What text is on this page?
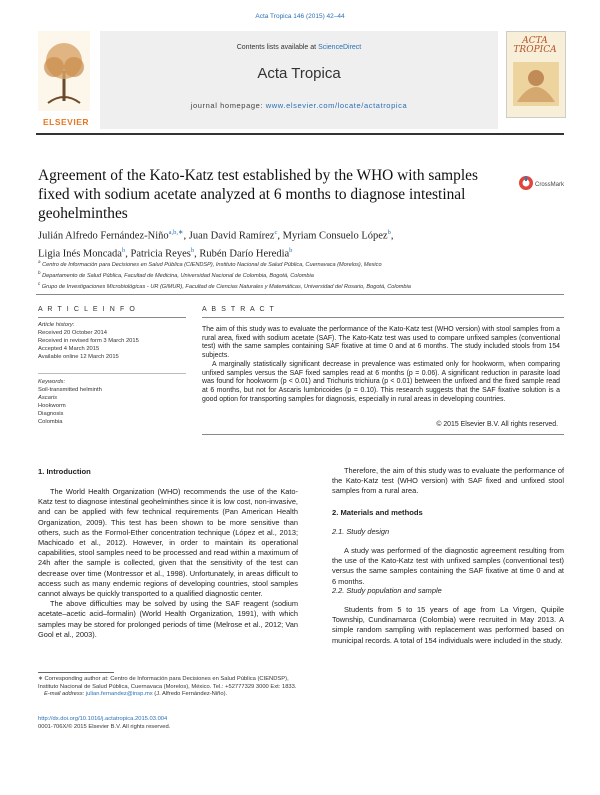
Acta Tropica 146 (2015) 42–44
ELSEVIER
Contents lists available at ScienceDirect
Acta Tropica
journal homepage: www.elsevier.com/locate/actatropica
ACTA TROPICA
Agreement of the Kato-Katz test established by the WHO with samples fixed with sodium acetate analyzed at 6 months to diagnose intestinal geohelminthes
CrossMark
Julián Alfredo Fernández-Niño$^{a,b,∗}$, Juan David Ramírez$^c$, Myriam Consuelo López$^b$,
Ligia Inés Moncada$^b$, Patricia Reyes$^b$, Rubén Darío Heredia$^b$
$^a$ Centro de Información para Decisiones en Salud Pública (CIENDSP), Instituto Nacional de Salud Pública, Cuernavaca (Morelos), Mexico
$^b$ Departamento de Salud Pública, Facultad de Medicina, Universidad Nacional de Colombia, Bogotá, Colombia
$^c$ Grupo de Investigaciones Microbiológicas - UR (GIMUR), Facultad de Ciencias Naturales y Matemáticas, Universidad del Rosario, Bogotá, Colombia
A R T I C L E I N F O
Article history:
Received 20 October 2014
Received in revised form 3 March 2015
Accepted 4 March 2015
Available online 12 March 2015
Keywords:
Soil-transmitted helminth
Ascaris
Hookworm
Diagnosis
Colombia
A B S T R A C T

The aim of this study was to evaluate the performance of the Kato-Katz test (WHO version) with stool samples from a rural area, fixed with sodium acetate (SAF). The Kato-Katz test was used to compare unfixed samples (conventional test) with the same samples containing SAF fixative at time 0 and at 6 months. The study included stools from 154 subjects.

A marginally statistically significant decrease in prevalence was estimated only for hookworm, when comparing unfixed samples versus the SAF fixed samples read at 6 months (p = 0.06). A significant reduction in parasite load was found for hookworm (p < 0.01) and Trichuris trichiura (p < 0.01) between the unfixed and the fixed sample read at 6 months, but not for Ascaris lumbricoides (p = 0.10). This research suggests that the SAF fixative solution is a good option for transporting samples for diagnosis, especially in rural areas in developing countries.

© 2015 Elsevier B.V. All rights reserved.
1. Introduction

The World Health Organization (WHO) recommends the use of the Kato-Katz test to diagnose intestinal geohelminthes since it is low cost, non-invasive, and can be applied with few technical requirements (Pan American Health Organization, 2009). This test has been shown to be more sensitive than others, such as the Formol-Ether concentration technique (López et al., 2013; Machicado et al., 2012). However, in order to maintain its operational capabilities, stool samples need to be processed and read within a maximum of 24h after the sample is collected, given that the sensitivity of the test can decrease over time (Montressor et al., 1998). Unfortunately, in areas difficult to access such as many endemic regions of developing countries, stool samples cannot always be quickly transported to a qualified diagnostic center.

The above difficulties may be solved by using the SAF reagent (sodium acetate–acetic acid–formalin) (World Health Organization, 1991), with which samples may be stored for prolonged periods of time (Melrose et al., 2012; Van Gool et al., 2003).

∗ Corresponding author at: Centro de Información para Decisiones en Salud Pública (CIENDSP), Instituto Nacional de Salud Pública, Cuernavaca (Morelos), México. Tel.: +52777329 3000 Ext: 1833.
E-mail address: julian.fernandez@insp.mx (J. Alfredo Fernández-Niño).
http://dx.doi.org/10.1016/j.actatropica.2015.03.004
0001-706X/© 2015 Elsevier B.V. All rights reserved.

Therefore, the aim of this study was to evaluate the performance of the Kato-Katz test (WHO version) with SAF fixed and unfixed stool samples from a rural area.

2. Materials and methods
2.1. Study design

A study was performed of the diagnostic agreement resulting from the use of the Kato-Katz test with unfixed samples (conventional test) versus the same samples containing the SAF fixative at time 0 and at 6 months.

2.2. Study population and sample

Students from 5 to 15 years of age from La Virgen, Quipile Township, Cundinamarca (Colombia) were recruited in May 2013. A simple random sampling with replacement was performed based on municipal records. A total of 154 individuals were included in the study.
